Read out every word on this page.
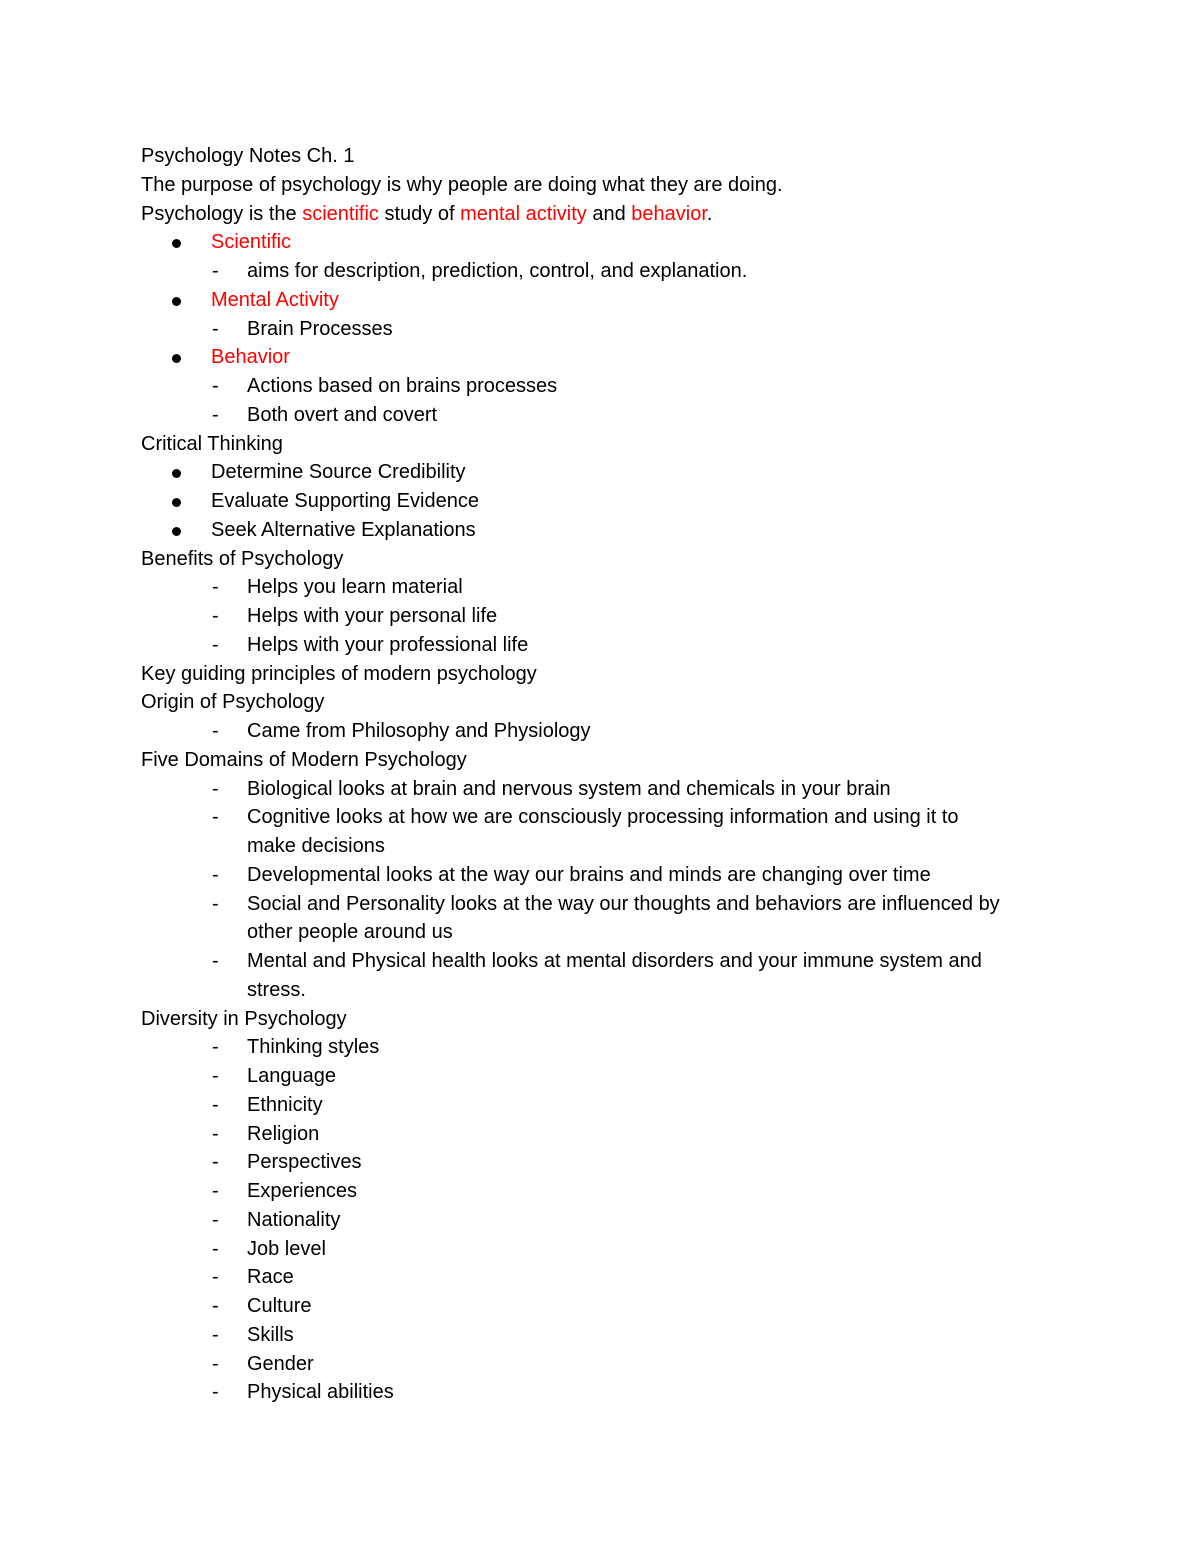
Psychology Notes Ch. 1

The purpose of psychology is why people are doing what they are doing.

Psychology is the scientific study of mental activity and behavior.

Scientific
- aims for description, prediction, control, and explanation.
Mental Activity
- Brain Processes
Behavior
- Actions based on brains processes
- Both overt and covert

Critical Thinking

Determine Source Credibility
Evaluate Supporting Evidence
Seek Alternative Explanations

Benefits of Psychology

- Helps you learn material
- Helps with your personal life
- Helps with your professional life

Key guiding principles of modern psychology

Origin of Psychology

- Came from Philosophy and Physiology

Five Domains of Modern Psychology

- Biological looks at brain and nervous system and chemicals in your brain
- Cognitive looks at how we are consciously processing information and using it to
make decisions
- Developmental looks at the way our brains and minds are changing over time
- Social and Personality looks at the way our thoughts and behaviors are influenced by
other people around us
- Mental and Physical health looks at mental disorders and your immune system and
stress.

Diversity in Psychology

- Thinking styles
- Language
- Ethnicity
- Religion
- Perspectives
- Experiences
- Nationality
- Job level
- Race
- Culture
- Skills
- Gender
- Physical abilities
